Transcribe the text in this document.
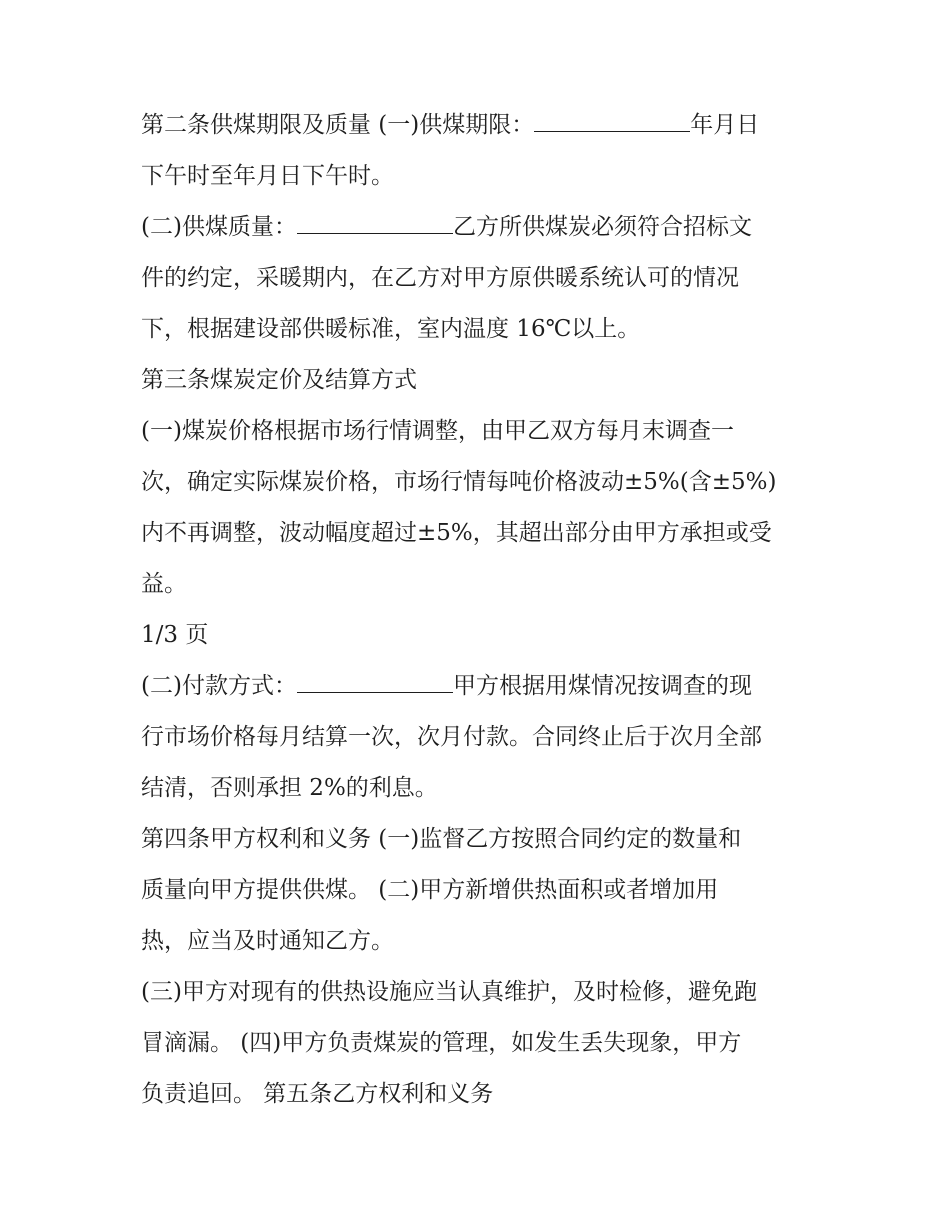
第二条供煤期限及质量 (一)供煤期限：	年月日
下午时至年月日下午时。
(二)供煤质量：	乙方所供煤炭必须符合招标文
件的约定，采暖期内，在乙方对甲方原供暖系统认可的情况
下，根据建设部供暖标准，室内温度 16℃以上。
第三条煤炭定价及结算方式
(一)煤炭价格根据市场行情调整，由甲乙双方每月末调查一
次，确定实际煤炭价格，市场行情每吨价格波动±5%(含±5%)
内不再调整，波动幅度超过±5%，其超出部分由甲方承担或受
益。
1/3 页
(二)付款方式：	甲方根据用煤情况按调查的现
行市场价格每月结算一次，次月付款。合同终止后于次月全部
结清，否则承担 2%的利息。
第四条甲方权利和义务 (一)监督乙方按照合同约定的数量和
质量向甲方提供供煤。 (二)甲方新增供热面积或者增加用
热，应当及时通知乙方。
(三)甲方对现有的供热设施应当认真维护，及时检修，避免跑
冒滴漏。 (四)甲方负责煤炭的管理，如发生丢失现象，甲方
负责追回。 第五条乙方权利和义务
